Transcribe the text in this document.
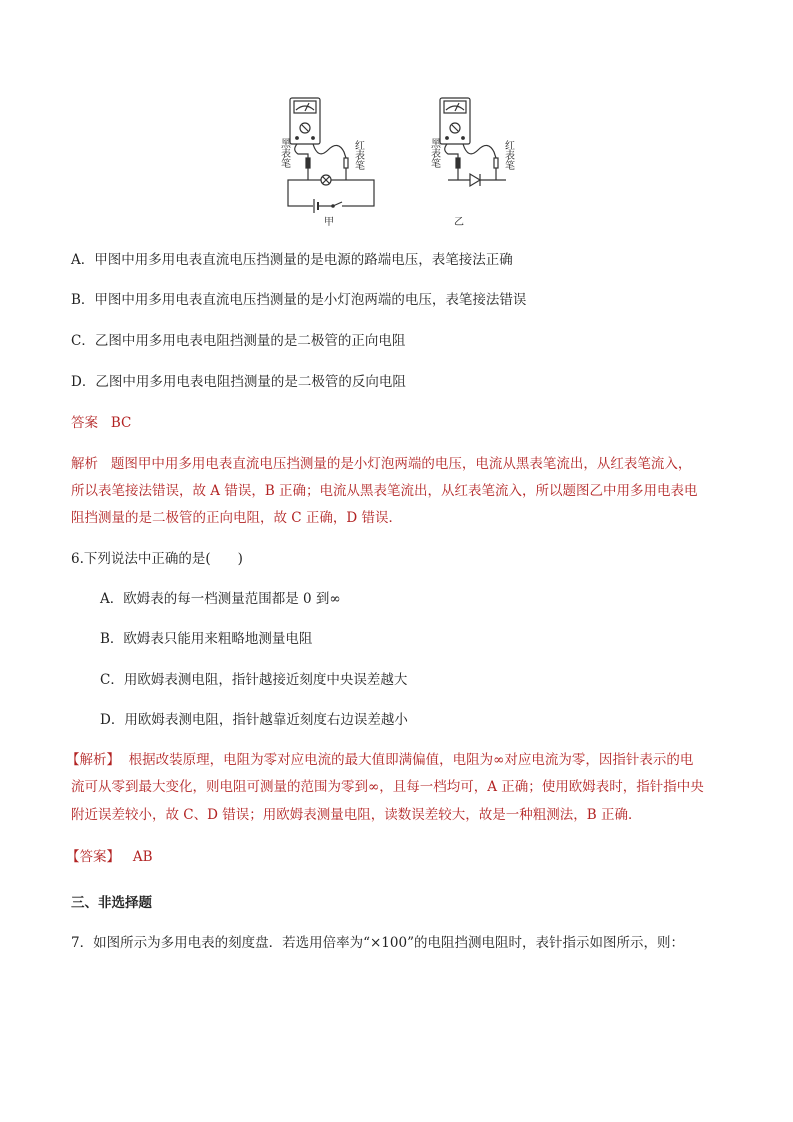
甲	乙
黑表笔	红表笔	黑表笔	红表笔
A．甲图中用多用电表直流电压挡测量的是电源的路端电压，表笔接法正确
B．甲图中用多用电表直流电压挡测量的是小灯泡两端的电压，表笔接法错误
C．乙图中用多用电表电阻挡测量的是二极管的正向电阻
D．乙图中用多用电表电阻挡测量的是二极管的反向电阻
答案 BC
解析 题图甲中用多用电表直流电压挡测量的是小灯泡两端的电压，电流从黑表笔流出，从红表笔流入，
所以表笔接法错误，故 A 错误，B 正确；电流从黑表笔流出，从红表笔流入，所以题图乙中用多用电表电
阻挡测量的是二极管的正向电阻，故 C 正确，D 错误．
6.下列说法中正确的是(　　)
A．欧姆表的每一档测量范围都是 0 到∞
B．欧姆表只能用来粗略地测量电阻
C．用欧姆表测电阻，指针越接近刻度中央误差越大
D．用欧姆表测电阻，指针越靠近刻度右边误差越小
【解析】 根据改装原理，电阻为零对应电流的最大值即满偏值，电阻为∞对应电流为零，因指针表示的电
流可从零到最大变化，则电阻可测量的范围为零到∞，且每一档均可，A 正确；使用欧姆表时，指针指中央
附近误差较小，故 C、D 错误；用欧姆表测量电阻，读数误差较大，故是一种粗测法，B 正确．
【答案】 AB
三、非选择题
7．如图所示为多用电表的刻度盘．若选用倍率为“×100”的电阻挡测电阻时，表针指示如图所示，则：
